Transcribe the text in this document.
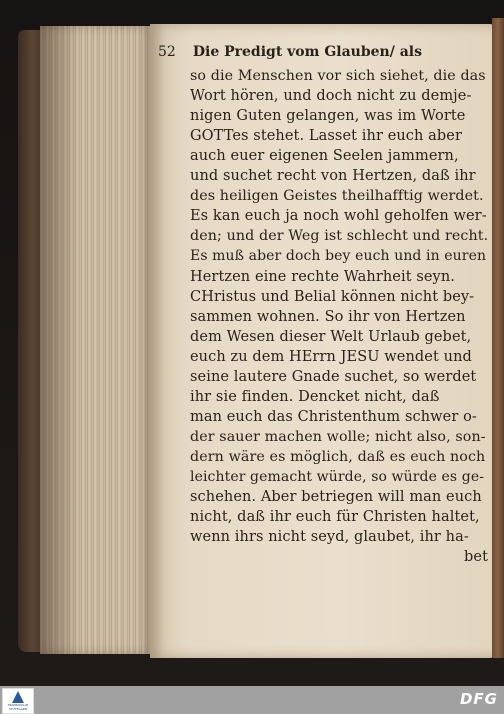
52 Die Predigt vom Glauben/ als
so die Menschen vor sich siehet, die das
Wort hören, und doch nicht zu demje-
nigen Guten gelangen, was im Worte
GOTTes stehet. Lasset ihr euch aber
auch euer eigenen Seelen jammern,
und suchet recht von Hertzen, daß ihr
des heiligen Geistes theilhafftig werdet.
Es kan euch ja noch wohl geholfen wer-
den; und der Weg ist schlecht und recht.
Es muß aber doch bey euch und in euren
Hertzen eine rechte Wahrheit seyn.
CHristus und Belial können nicht bey-
sammen wohnen. So ihr von Hertzen
dem Wesen dieser Welt Urlaub gebet,
euch zu dem HErrn JESU wendet und
seine lautere Gnade suchet, so werdet
ihr sie finden. Dencket nicht, daß
man euch das Christenthum schwer o-
der sauer machen wolle; nicht also, son-
dern wäre es möglich, daß es euch noch
leichter gemacht würde, so würde es ge-
schehen. Aber betriegen will man euch
nicht, daß ihr euch für Christen haltet,
wenn ihrs nicht seyd, glaubet, ihr ha-
bet
TRANSQUILLE STUTTGARD
DFG
